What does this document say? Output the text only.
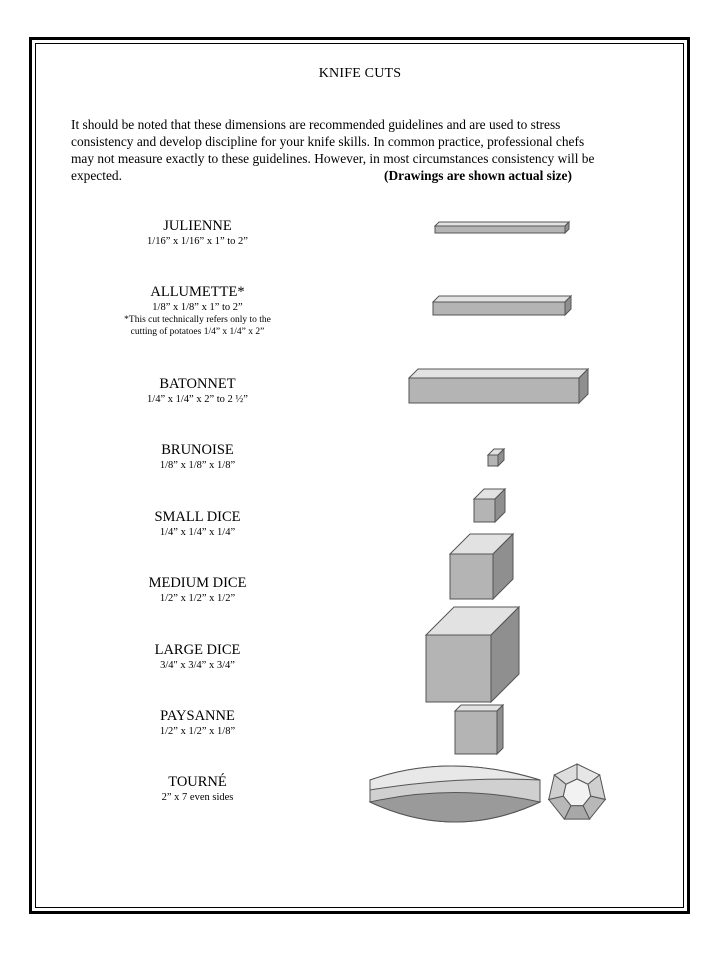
KNIFE CUTS
It should be noted that these dimensions are recommended guidelines and are used to stress
consistency and develop discipline for your knife skills. In common practice, professional chefs
may not measure exactly to these guidelines. However, in most circumstances consistency will be
expected.	(Drawings are shown actual size)
JULIENNE
1/16” x 1/16” x 1” to 2”
ALLUMETTE*
1/8” x 1/8” x 1” to 2”
*This cut technically refers only to the
cutting of potatoes 1/4” x 1/4” x 2”
BATONNET
1/4” x 1/4” x 2” to 2 ½”
BRUNOISE
1/8” x 1/8” x 1/8”
SMALL DICE
1/4” x 1/4” x 1/4”
MEDIUM DICE
1/2” x 1/2” x 1/2”
LARGE DICE
3/4" x 3/4” x 3/4”
PAYSANNE
1/2” x 1/2” x 1/8”
TOURNÉ
2” x 7 even sides
